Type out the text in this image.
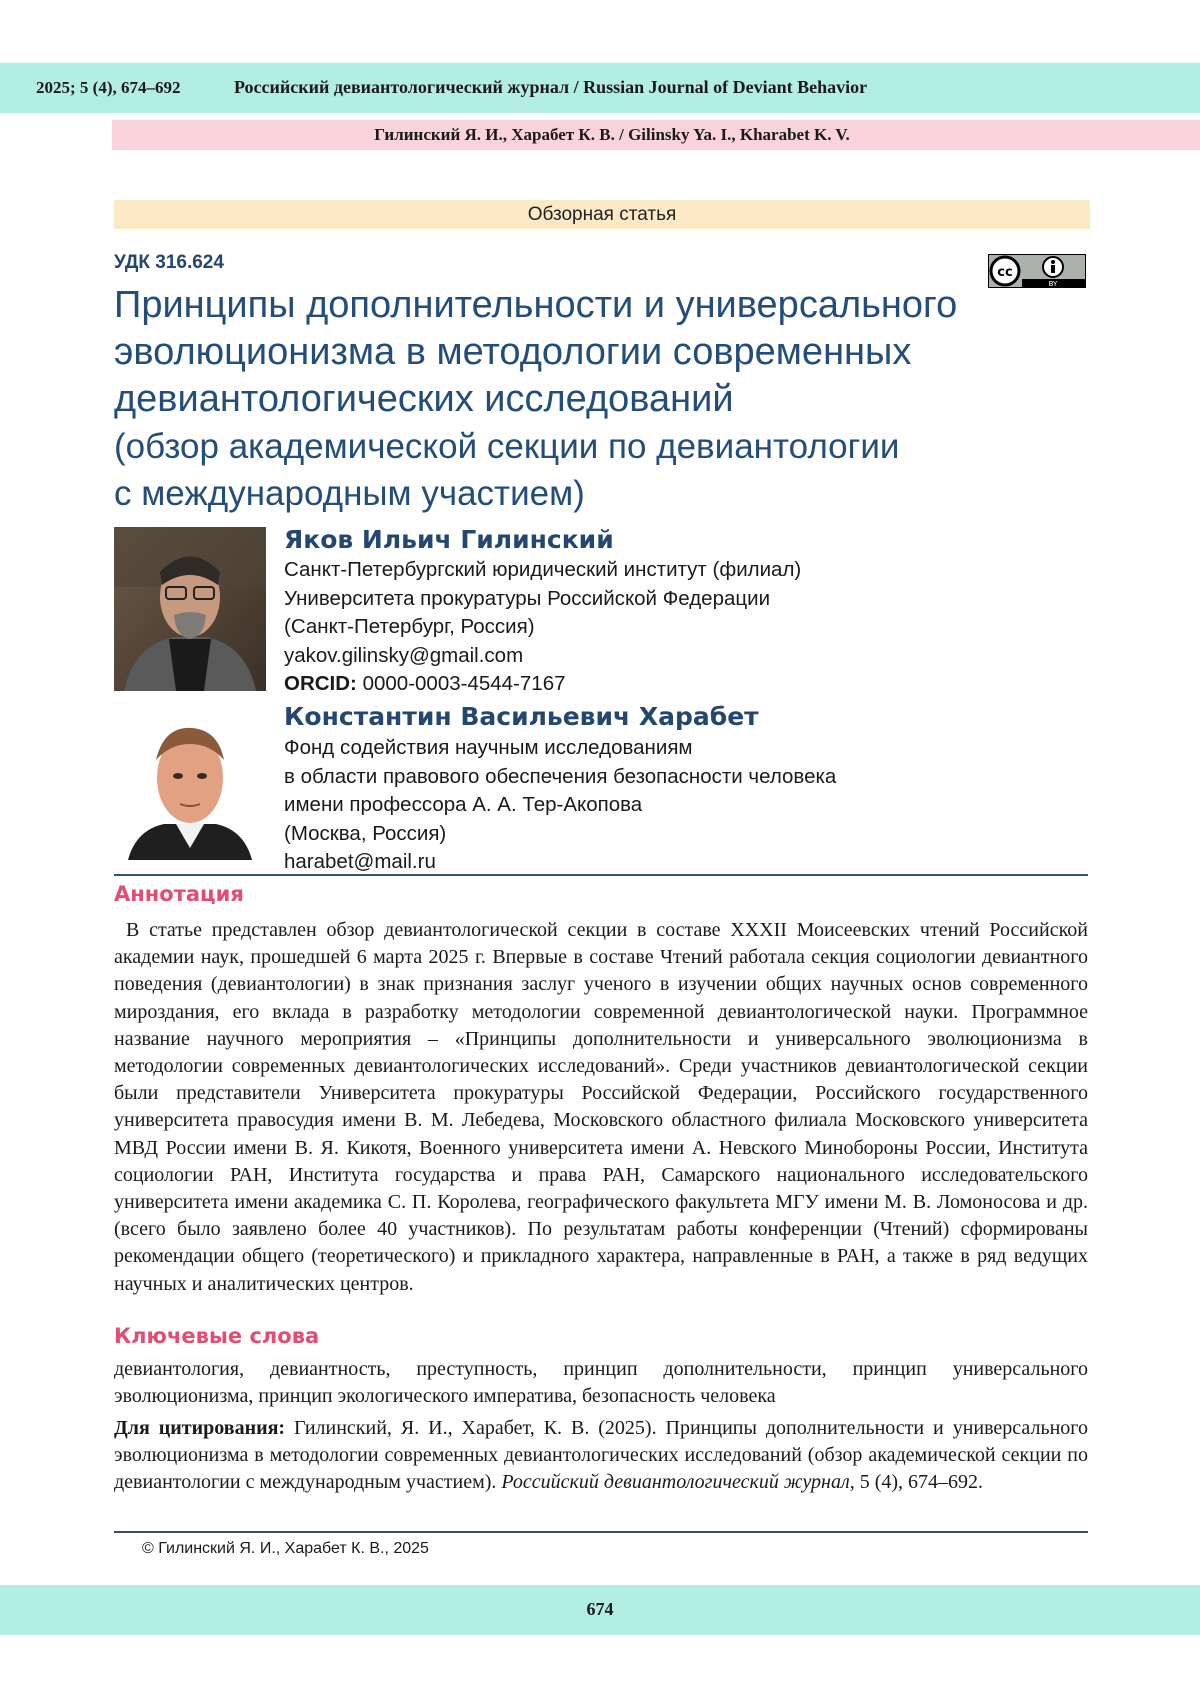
2025; 5 (4), 674–692	Российский девиантологический журнал / Russian Journal of Deviant Behavior
Гилинский Я. И., Харабет К. В. / Gilinsky Ya. I., Kharabet K. V.
Обзорная статья
УДК 316.624	cc
BY
Принципы дополнительности и универсального
эволюционизма в методологии современных
девиантологических исследований
(обзор академической секции по девиантологии
с международным участием)
Яков Ильич Гилинский
Санкт-Петербургский юридический институт (филиал)
Университета прокуратуры Российской Федерации
(Санкт-Петербург, Россия)
yakov.gilinsky@gmail.com
ORCID: 0000-0003-4544-7167
Константин Васильевич Харабет
Фонд содействия научным исследованиям
в области правового обеспечения безопасности человека
имени профессора А. А. Тер-Акопова
(Москва, Россия)
harabet@mail.ru
Аннотация

В статье представлен обзор девиантологической секции в составе XXXII Моисеевских чтений Российской академии наук, прошедшей 6 марта 2025 г. Впервые в составе Чтений работала секция социологии девиантного поведения (девиантологии) в знак признания заслуг ученого в изучении общих научных основ современного мироздания, его вклада в разработку методологии современной девиантологической науки. Программное название научного мероприятия – «Принципы дополнительности и универсального эволюционизма в методологии современных девиантологических исследований». Среди участников девиантологической секции были представители Университета прокуратуры Российской Федерации, Российского государственного университета правосудия имени В. М. Лебедева, Московского областного филиала Московского университета МВД России имени В. Я. Кикотя, Военного университета имени А. Невского Минобороны России, Института социологии РАН, Института государства и права РАН, Самарского национального исследовательского университета имени академика С. П. Королева, географического факультета МГУ имени М. В. Ломоносова и др. (всего было заявлено более 40 участников). По результатам работы конференции (Чтений) сформированы рекомендации общего (теоретического) и прикладного характера, направленные в РАН, а также в ряд ведущих научных и аналитических центров.

Ключевые слова
девиантология, девиантность, преступность, принцип дополнительности, принцип универсального эволюционизма, принцип экологического императива, безопасность человека
Для цитирования: Гилинский, Я. И., Харабет, К. В. (2025). Принципы дополнительности и универсального эволюционизма в методологии современных девиантологических исследований (обзор академической секции по девиантологии с международным участием). Российский девиантологический журнал, 5 (4), 674–692.
© Гилинский Я. И., Харабет К. В., 2025
674
